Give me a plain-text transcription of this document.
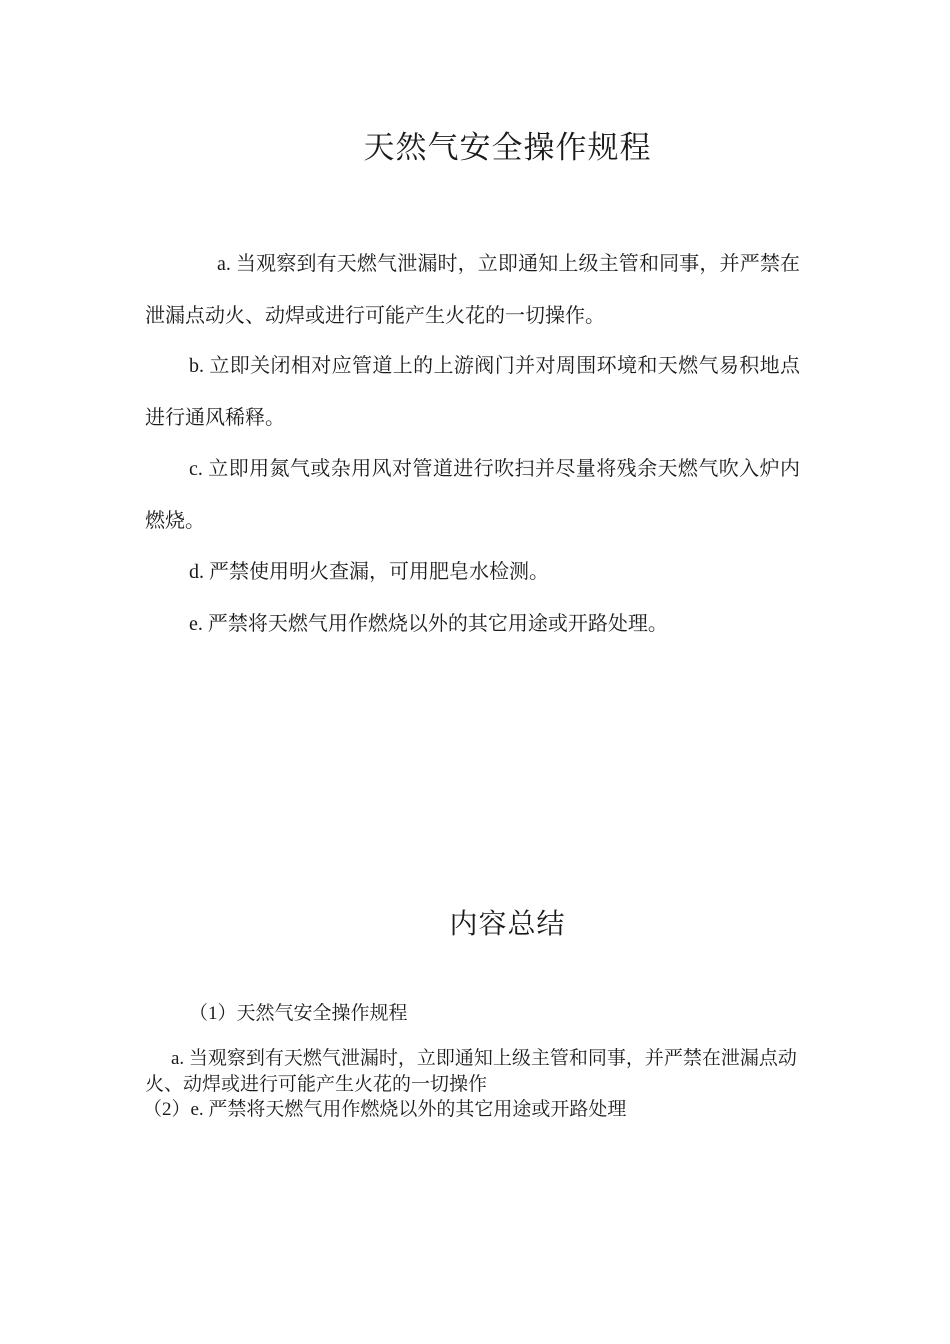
天然气安全操作规程

a. 当观察到有天燃气泄漏时，立即通知上级主管和同事，并严禁在泄漏点动火、动焊或进行可能产生火花的一切操作。

b. 立即关闭相对应管道上的上游阀门并对周围环境和天燃气易积地点进行通风稀释。

c. 立即用氮气或杂用风对管道进行吹扫并尽量将残余天燃气吹入炉内燃烧。

d. 严禁使用明火查漏，可用肥皂水检测。

e. 严禁将天燃气用作燃烧以外的其它用途或开路处理。

内容总结

（1）天然气安全操作规程

a. 当观察到有天燃气泄漏时，立即通知上级主管和同事，并严禁在泄漏点动火、动焊或进行可能产生火花的一切操作

（2）e. 严禁将天燃气用作燃烧以外的其它用途或开路处理
